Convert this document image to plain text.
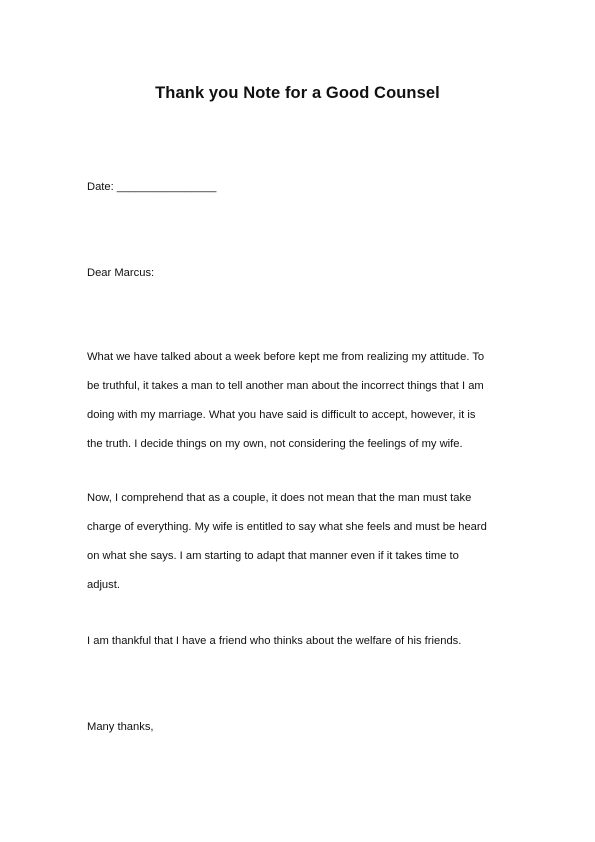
Thank you Note for a Good Counsel
Date: ________________
Dear Marcus:
What we have talked about a week before kept me from realizing my attitude. To
be truthful, it takes a man to tell another man about the incorrect things that I am
doing with my marriage. What you have said is difficult to accept, however, it is
the truth. I decide things on my own, not considering the feelings of my wife.
Now, I comprehend that as a couple, it does not mean that the man must take
charge of everything. My wife is entitled to say what she feels and must be heard
on what she says. I am starting to adapt that manner even if it takes time to
adjust.
I am thankful that I have a friend who thinks about the welfare of his friends.
Many thanks,
